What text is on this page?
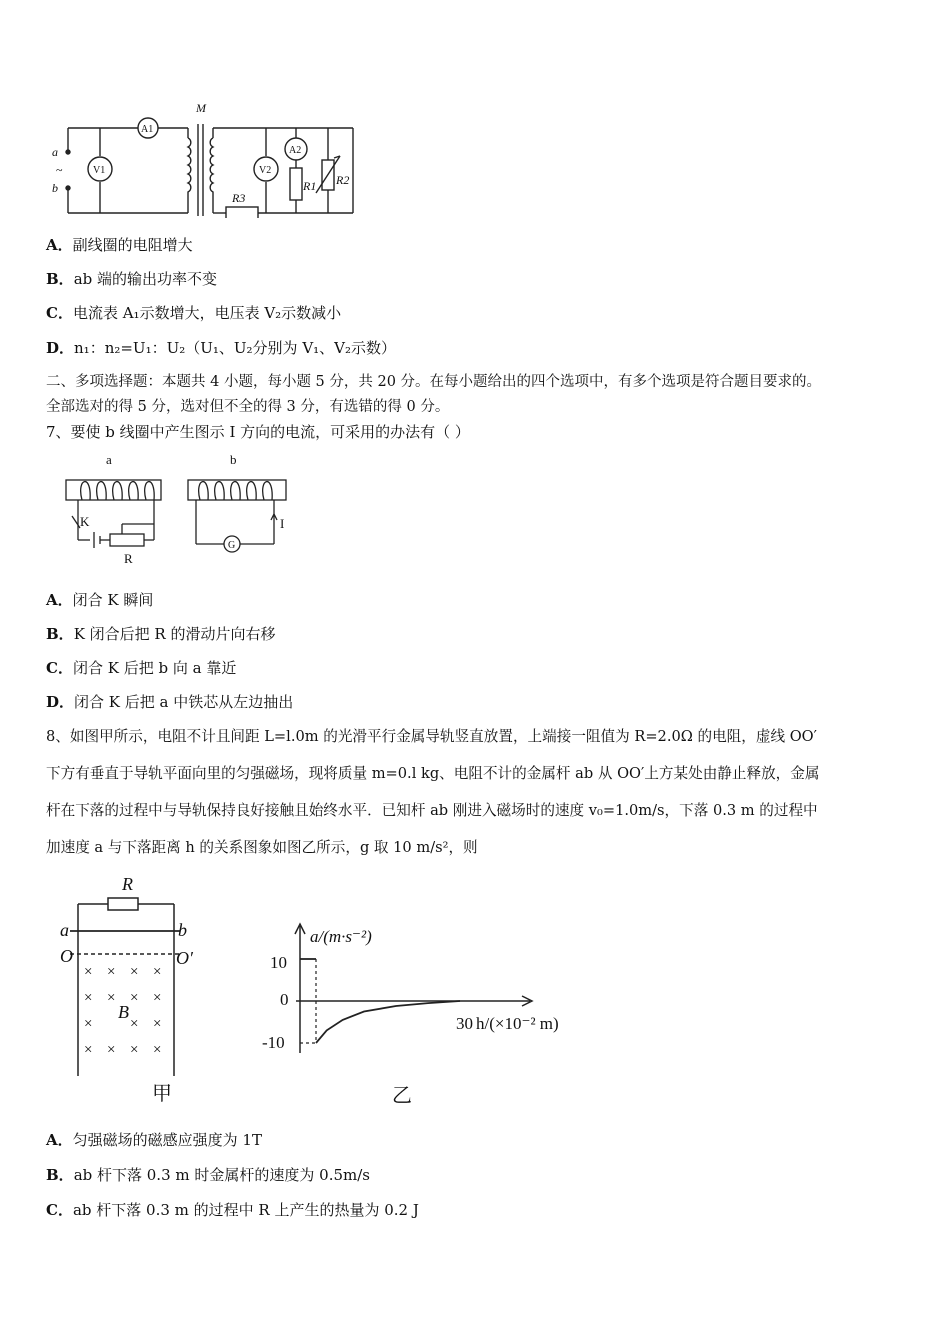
M
a
~
b
A1
V1
A2
V2
R1 R2
R3
A．副线圈的电阻增大
B．ab 端的输出功率不变
C．电流表 A₁示数增大，电压表 V₂示数减小
D．n₁：n₂=U₁：U₂（U₁、U₂分别为 V₁、V₂示数）
二、多项选择题：本题共 4 小题，每小题 5 分，共 20 分。在每小题给出的四个选项中，有多个选项是符合题目要求的。
全部选对的得 5 分，选对但不全的得 3 分，有选错的得 0 分。
7、要使 b 线圈中产生图示 I 方向的电流，可采用的办法有（ ）
a	b
K
R
G
I
A．闭合 K 瞬间
B．K 闭合后把 R 的滑动片向右移
C．闭合 K 后把 b 向 a 靠近
D．闭合 K 后把 a 中铁芯从左边抽出
8、如图甲所示，电阻不计且间距 L=l.0m 的光滑平行金属导轨竖直放置，上端接一阻值为 R=2.0Ω 的电阻，虚线 OO′
下方有垂直于导轨平面向里的匀强磁场，现将质量 m=0.l kg、电阻不计的金属杆 ab 从 OO′上方某处由静止释放，金属
杆在下落的过程中与导轨保持良好接触且始终水平．已知杆 ab 刚进入磁场时的速度 v₀=1.0m/s，下落 0.3 m 的过程中
加速度 a 与下落距离 h 的关系图象如图乙所示，g 取 10 m/s²，则
R
a	b
O	O′
B
× × × ×
× × × ×
×	× ×
× × × ×
甲
a/(m·s⁻²)
h/(×10⁻² m)
10
0
-10
30
乙
A．匀强磁场的磁感应强度为 1T
B．ab 杆下落 0.3 m 时金属杆的速度为 0.5m/s
C．ab 杆下落 0.3 m 的过程中 R 上产生的热量为 0.2 J
